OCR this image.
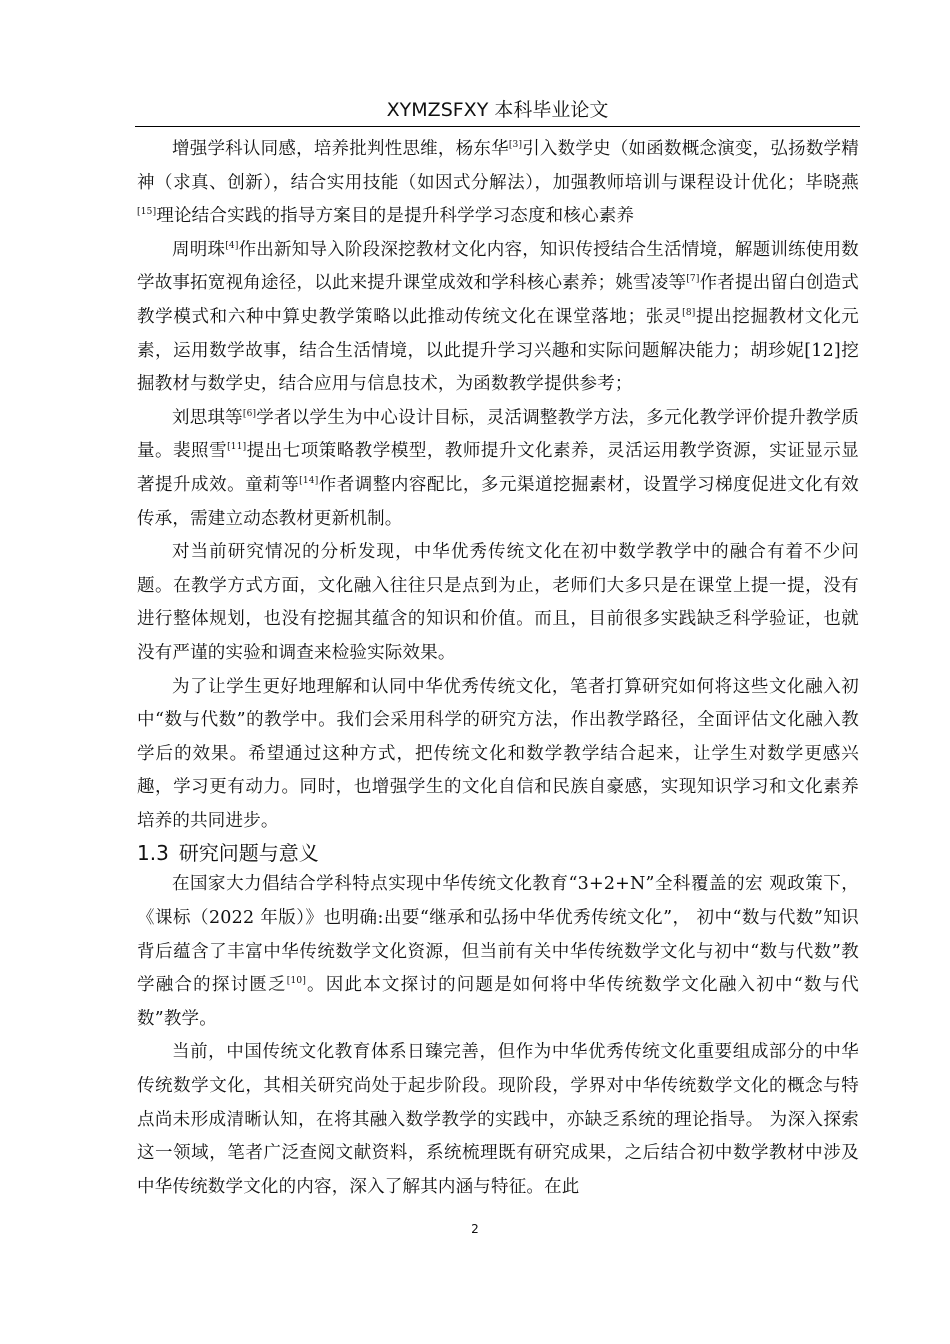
XYMZSFXY 本科毕业论文

增强学科认同感，培养批判性思维，杨东华[3]引入数学史（如函数概念演变，弘扬数学精神（求真、创新），结合实用技能（如因式分解法），加强教师培训与课程设计优化；毕晓燕[15]理论结合实践的指导方案目的是提升科学学习态度和核心素养

周明珠[4]作出新知导入阶段深挖教材文化内容，知识传授结合生活情境，解题训练使用数学故事拓宽视角途径，以此来提升课堂成效和学科核心素养；姚雪凌等[7]作者提出留白创造式教学模式和六种中算史教学策略以此推动传统文化在课堂落地；张灵[8]提出挖掘教材文化元素，运用数学故事，结合生活情境，以此提升学习兴趣和实际问题解决能力；胡珍妮[12]挖掘教材与数学史，结合应用与信息技术，为函数教学提供参考；

刘思琪等[6]学者以学生为中心设计目标，灵活调整教学方法，多元化教学评价提升教学质量。裴照雪[11]提出七项策略教学模型，教师提升文化素养，灵活运用教学资源，实证显示显著提升成效。童莉等[14]作者调整内容配比，多元渠道挖掘素材，设置学习梯度促进文化有效传承，需建立动态教材更新机制。

对当前研究情况的分析发现，中华优秀传统文化在初中数学教学中的融合有着不少问题。在教学方式方面，文化融入往往只是点到为止，老师们大多只是在课堂上提一提，没有进行整体规划，也没有挖掘其蕴含的知识和价值。而且，目前很多实践缺乏科学验证，也就没有严谨的实验和调查来检验实际效果。

为了让学生更好地理解和认同中华优秀传统文化，笔者打算研究如何将这些文化融入初中“数与代数”的教学中。我们会采用科学的研究方法，作出教学路径，全面评估文化融入教学后的效果。希望通过这种方式，把传统文化和数学教学结合起来，让学生对数学更感兴趣，学习更有动力。同时，也增强学生的文化自信和民族自豪感，实现知识学习和文化素养培养的共同进步。

1.3 研究问题与意义

在国家大力倡结合学科特点实现中华传统文化教育“3+2+N”全科覆盖的宏 观政策下，《课标（2022 年版）》也明确:出要“继承和弘扬中华优秀传统文化”， 初中“数与代数”知识背后蕴含了丰富中华传统数学文化资源，但当前有关中华传统数学文化与初中“数与代数”教学融合的探讨匮乏[10]。因此本文探讨的问题是如何将中华传统数学文化融入初中“数与代数”教学。

当前，中国传统文化教育体系日臻完善，但作为中华优秀传统文化重要组成部分的中华传统数学文化，其相关研究尚处于起步阶段。现阶段，学界对中华传统数学文化的概念与特点尚未形成清晰认知，在将其融入数学教学的实践中，亦缺乏系统的理论指导。 为深入探索这一领域，笔者广泛查阅文献资料，系统梳理既有研究成果，之后结合初中数学教材中涉及中华传统数学文化的内容，深入了解其内涵与特征。在此

2
